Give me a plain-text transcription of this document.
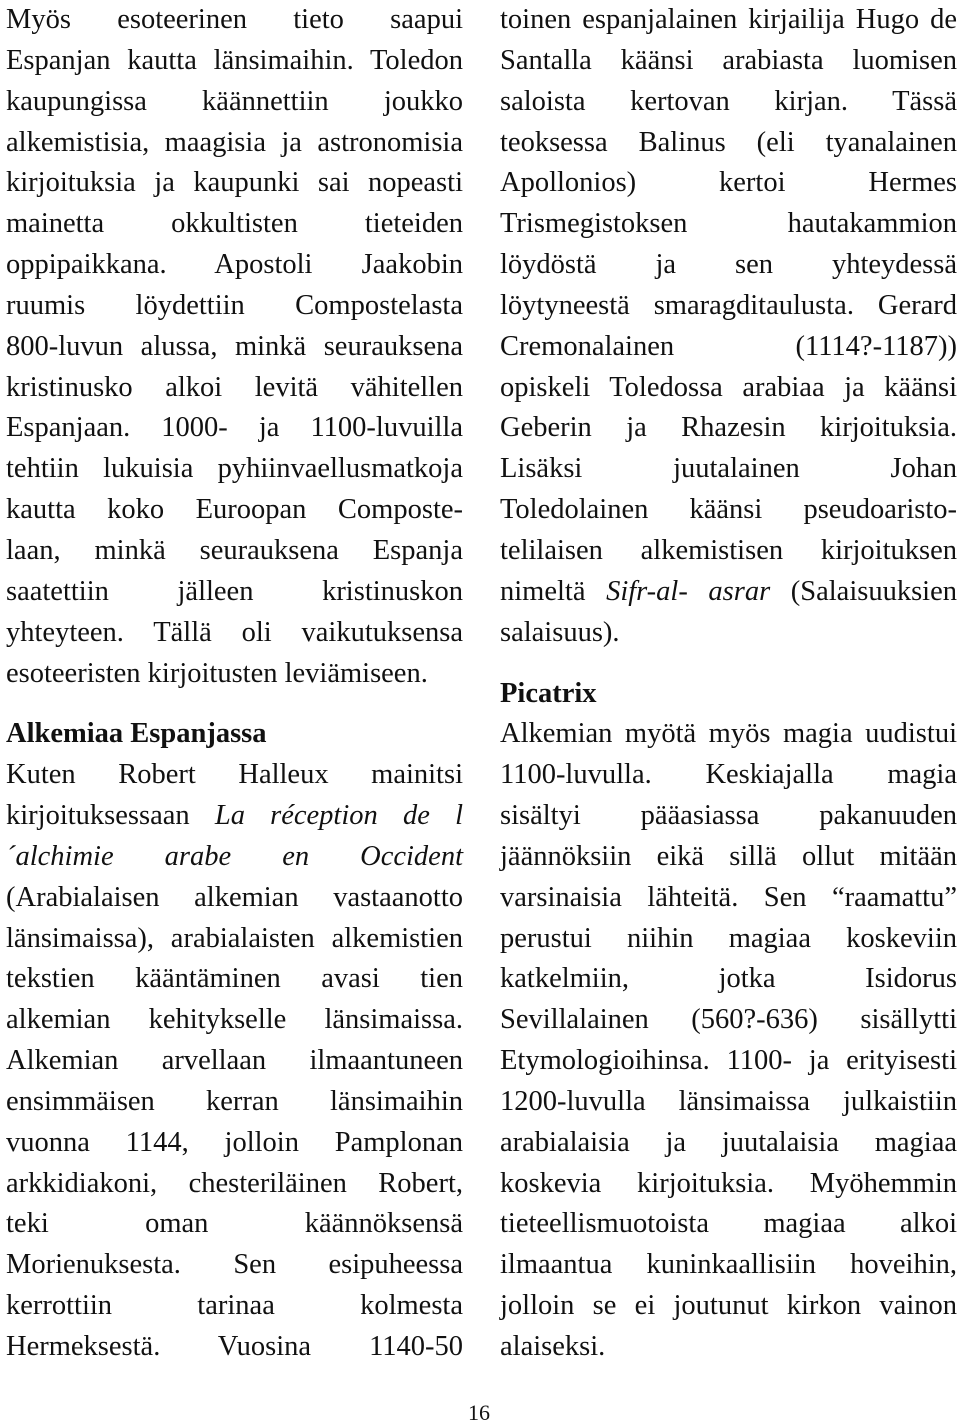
Myös esoteerinen tieto saapui
Espanjan kautta länsimaihin. Toledon
kaupungissa käännettiin joukko
alkemistisia, maagisia ja astronomisia
kirjoituksia ja kaupunki sai nopeasti
mainetta okkultisten tieteiden
oppipaikkana. Apostoli Jaakobin
ruumis löydettiin Compostelasta
800-luvun alussa, minkä seurauksena
kristinusko alkoi levitä vähitellen
Espanjaan. 1000- ja 1100-luvuilla
tehtiin lukuisia pyhiinvaellusmatkoja
kautta koko Euroopan Composte-
laan, minkä seurauksena Espanja
saatettiin jälleen kristinuskon
yhteyteen. Tällä oli vaikutuksensa
esoteeristen kirjoitusten leviämiseen.
Alkemiaa Espanjassa
Kuten Robert Halleux mainitsi
kirjoituksessaan La réception de l
´alchimie arabe en Occident
(Arabialaisen alkemian vastaanotto
länsimaissa), arabialaisten alkemistien
tekstien kääntäminen avasi tien
alkemian kehitykselle länsimaissa.
Alkemian arvellaan ilmaantuneen
ensimmäisen kerran länsimaihin
vuonna 1144, jolloin Pamplonan
arkkidiakoni, chesteriläinen Robert,
teki oman käännöksensä
Morienuksesta. Sen esipuheessa
kerrottiin tarinaa kolmesta
Hermeksestä. Vuosina 1140-50
toinen espanjalainen kirjailija Hugo de
Santalla käänsi arabiasta luomisen
saloista kertovan kirjan. Tässä
teoksessa Balinus (eli tyanalainen
Apollonios) kertoi Hermes
Trismegistoksen hautakammion
löydöstä ja sen yhteydessä
löytyneestä smaragditaulusta. Gerard
Cremonalainen (1114?-1187))
opiskeli Toledossa arabiaa ja käänsi
Geberin ja Rhazesin kirjoituksia.
Lisäksi juutalainen Johan
Toledolainen käänsi pseudoaristo-
telilaisen alkemistisen kirjoituksen
nimeltä Sifr-al- asrar (Salaisuuksien
salaisuus).
Picatrix
Alkemian myötä myös magia uudistui
1100-luvulla. Keskiajalla magia
sisältyi pääasiassa pakanuuden
jäännöksiin eikä sillä ollut mitään
varsinaisia lähteitä. Sen “raamattu”
perustui niihin magiaa koskeviin
katkelmiin, jotka Isidorus
Sevillalainen (560?-636) sisällytti
Etymologioihinsa. 1100- ja erityisesti
1200-luvulla länsimaissa julkaistiin
arabialaisia ja juutalaisia magiaa
koskevia kirjoituksia. Myöhemmin
tieteellismuotoista magiaa alkoi
ilmaantua kuninkaallisiin hoveihin,
jolloin se ei joutunut kirkon vainon
alaiseksi.
16
